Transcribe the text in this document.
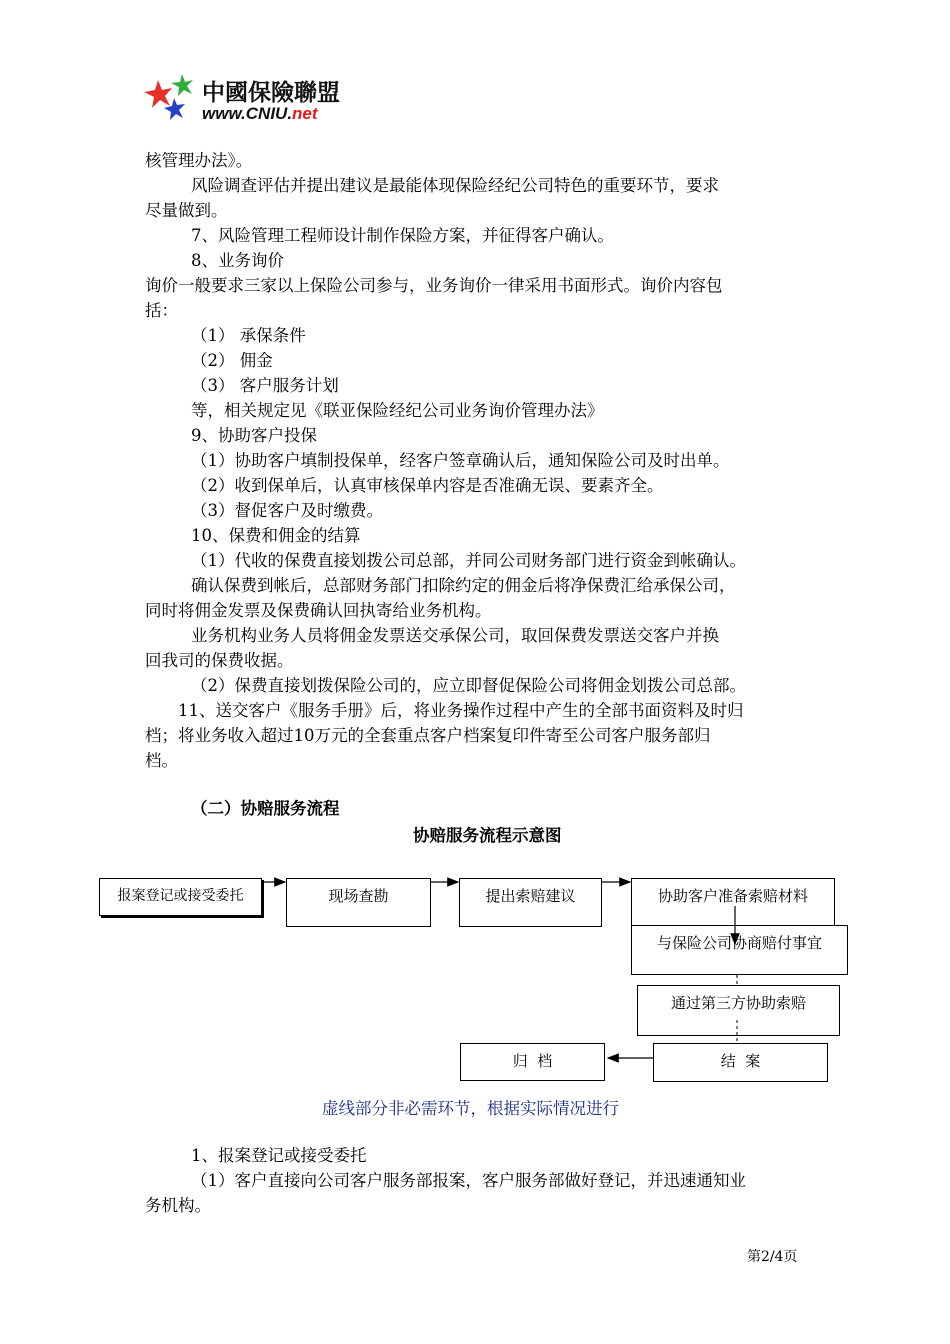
中國保險聯盟
www.CNIU.net
核管理办法》。
风险调查评估并提出建议是最能体现保险经纪公司特色的重要环节，要求
尽量做到。
7、风险管理工程师设计制作保险方案，并征得客户确认。
8、业务询价
询价一般要求三家以上保险公司参与，业务询价一律采用书面形式。询价内容包
括：
（1） 承保条件
（2） 佣金
（3） 客户服务计划
等，相关规定见《联亚保险经纪公司业务询价管理办法》
9、协助客户投保
（1）协助客户填制投保单，经客户签章确认后，通知保险公司及时出单。
（2）收到保单后，认真审核保单内容是否准确无误、要素齐全。
（3）督促客户及时缴费。
10、保费和佣金的结算
（1）代收的保费直接划拨公司总部，并同公司财务部门进行资金到帐确认。
确认保费到帐后，总部财务部门扣除约定的佣金后将净保费汇给承保公司，
同时将佣金发票及保费确认回执寄给业务机构。
业务机构业务人员将佣金发票送交承保公司，取回保费发票送交客户并换
回我司的保费收据。
（2）保费直接划拨保险公司的，应立即督促保险公司将佣金划拨公司总部。
11、送交客户《服务手册》后，将业务操作过程中产生的全部书面资料及时归
档；将业务收入超过10万元的全套重点客户档案复印件寄至公司客户服务部归
档。
（二）协赔服务流程
协赔服务流程示意图
报案登记或接受委托	现场查勘	提出索赔建议	协助客户准备索赔材料
与保险公司协商赔付事宜
通过第三方协助索赔
结  案
归  档
虚线部分非必需环节，根据实际情况进行
1、报案登记或接受委托
（1）客户直接向公司客户服务部报案，客户服务部做好登记，并迅速通知业
务机构。
第2/4页
